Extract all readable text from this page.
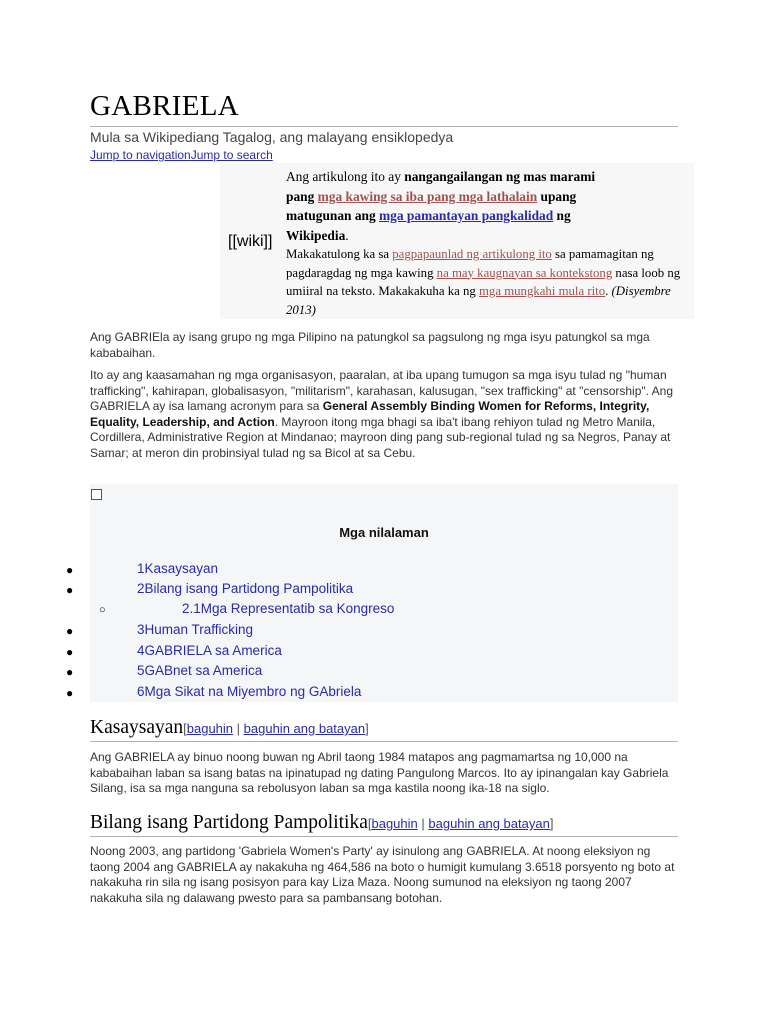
GABRIELA
Mula sa Wikipediang Tagalog, ang malayang ensiklopedya
Jump to navigationJump to search
[[wiki]]
Ang artikulong ito ay nangangailangan ng mas marami
pang mga kawing sa iba pang mga lathalain upang
matugunan ang mga pamantayan pangkalidad ng
Wikipedia.
Makakatulong ka sa pagpapaunlad ng artikulong ito sa pamamagitan ng pagdaragdag ng mga kawing na may kaugnayan sa kontekstong nasa loob ng umiiral na teksto. Makakakuha ka ng mga mungkahi mula rito. (Disyembre 2013)
Ang GABRIEla ay isang grupo ng mga Pilipino na patungkol sa pagsulong ng mga isyu patungkol sa mga kababaihan.
Ito ay ang kaasamahan ng mga organisasyon, paaralan, at iba upang tumugon sa mga isyu tulad ng "human trafficking", kahirapan, globalisasyon, "militarism", karahasan, kalusugan, "sex trafficking" at "censorship". Ang GABRIELA ay isa lamang acronym para sa General Assembly Binding Women for Reforms, Integrity, Equality, Leadership, and Action. Mayroon itong mga bhagi sa iba't ibang rehiyon tulad ng Metro Manila, Cordillera, Administrative Region at Mindanao; mayroon ding pang sub-regional tulad ng sa Negros, Panay at Samar; at meron din probinsiyal tulad ng sa Bicol at sa Cebu.
Mga nilalaman
●	1Kasaysayan
●	2Bilang isang Partidong Pampolitika
○	2.1Mga Representatib sa Kongreso
●	3Human Trafficking
●	4GABRIELA sa America
●	5GABnet sa America
●	6Mga Sikat na Miyembro ng GAbriela
Kasaysayan[baguhin | baguhin ang batayan]
Ang GABRIELA ay binuo noong buwan ng Abril taong 1984 matapos ang pagmamartsa ng 10,000 na kababaihan laban sa isang batas na ipinatupad ng dating Pangulong Marcos. Ito ay ipinangalan kay Gabriela Silang, isa sa mga nanguna sa rebolusyon laban sa mga kastila noong ika-18 na siglo.
Bilang isang Partidong Pampolitika[baguhin | baguhin ang batayan]
Noong 2003, ang partidong 'Gabriela Women's Party' ay isinulong ang GABRIELA. At noong eleksiyon ng taong 2004 ang GABRIELA ay nakakuha ng 464,586 na boto o humigit kumulang 3.6518 porsyento ng boto at nakakuha rin sila ng isang posisyon para kay Liza Maza. Noong sumunod na eleksiyon ng taong 2007 nakakuha sila ng dalawang pwesto para sa pambansang botohan.
